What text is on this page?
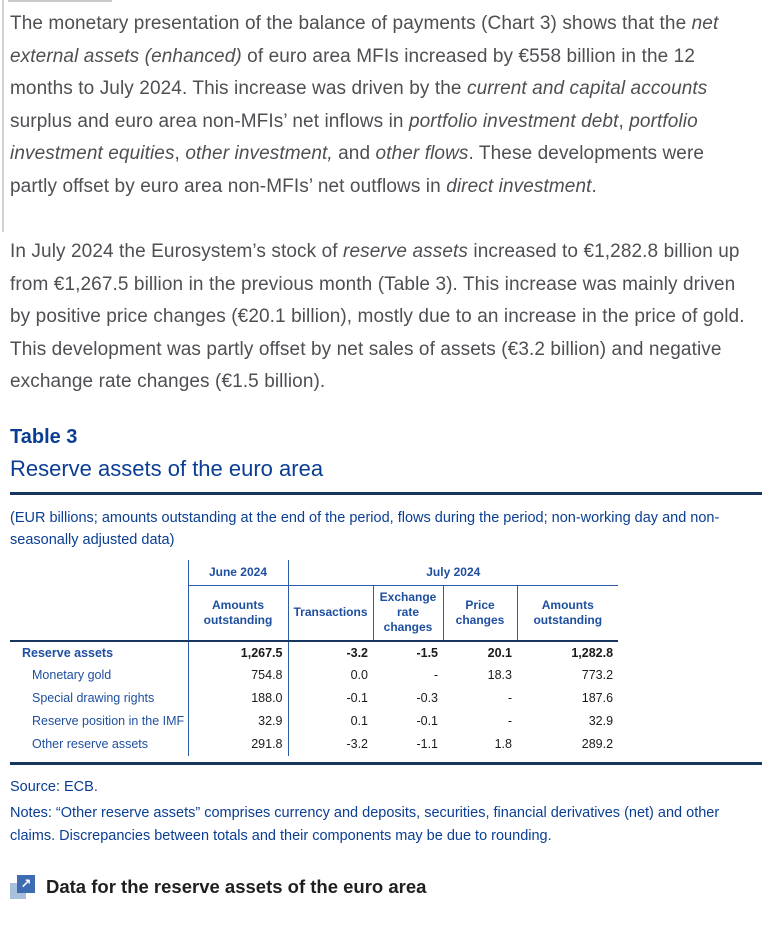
The monetary presentation of the balance of payments (Chart 3) shows that the net external assets (enhanced) of euro area MFIs increased by €558 billion in the 12 months to July 2024. This increase was driven by the current and capital accounts surplus and euro area non-MFIs’ net inflows in portfolio investment debt, portfolio investment equities, other investment, and other flows. These developments were partly offset by euro area non-MFIs’ net outflows in direct investment.

In July 2024 the Eurosystem’s stock of reserve assets increased to €1,282.8 billion up from €1,267.5 billion in the previous month (Table 3). This increase was mainly driven by positive price changes (€20.1 billion), mostly due to an increase in the price of gold. This development was partly offset by net sales of assets (€3.2 billion) and negative exchange rate changes (€1.5 billion).

Table 3
Reserve assets of the euro area

(EUR billions; amounts outstanding at the end of the period, flows during the period; non-working day and non-seasonally adjusted data)

	June 2024	July 2024			
	Amounts outstanding	Transactions	Exchange rate changes	Price changes	Amounts outstanding
Reserve assets	1,267.5	-3.2	-1.5	20.1	1,282.8
Monetary gold	754.8	0.0	-	18.3	773.2
Special drawing rights	188.0	-0.1	-0.3	-	187.6
Reserve position in the IMF	32.9	0.1	-0.1	-	32.9
Other reserve assets	291.8	-3.2	-1.1	1.8	289.2

Source: ECB.

Notes: “Other reserve assets” comprises currency and deposits, securities, financial derivatives (net) and other claims. Discrepancies between totals and their components may be due to rounding.

↗ Data for the reserve assets of the euro area
